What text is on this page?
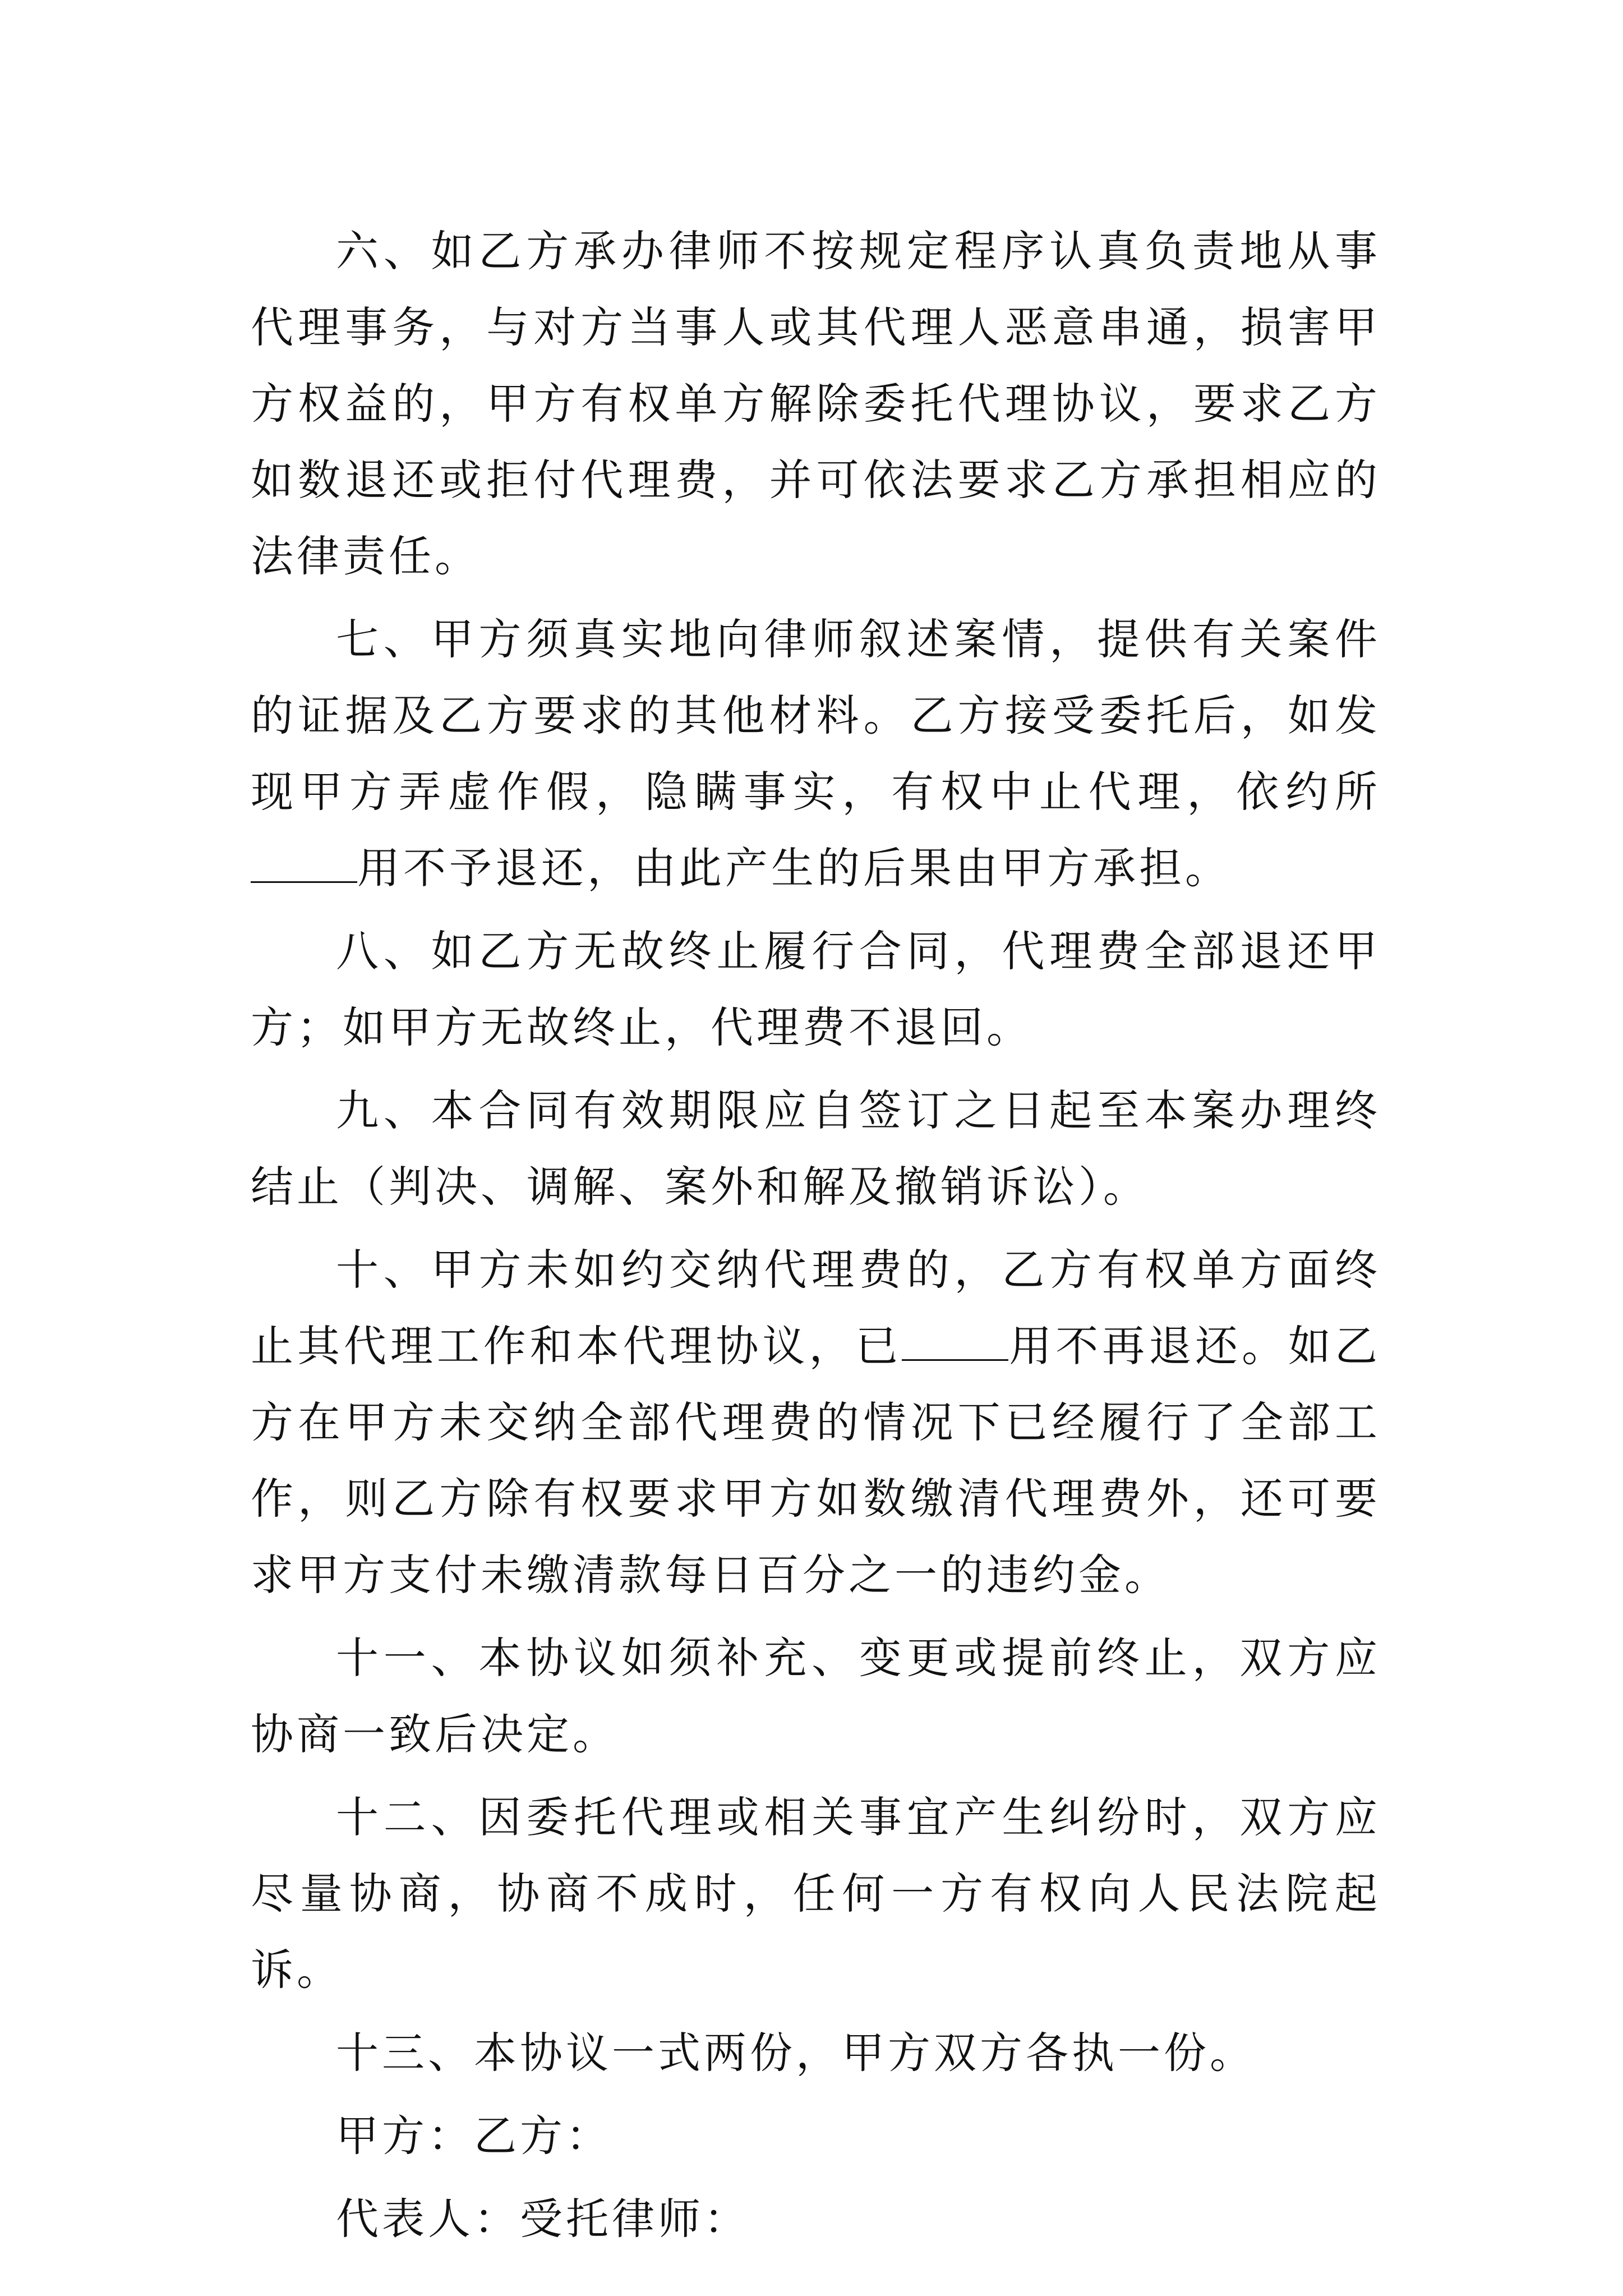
六、如乙方承办律师不按规定程序认真负责地从事代理事务，与对方当事人或其代理人恶意串通，损害甲方权益的，甲方有权单方解除委托代理协议，要求乙方如数退还或拒付代理费，并可依法要求乙方承担相应的法律责任。

七、甲方须真实地向律师叙述案情，提供有关案件的证据及乙方要求的其他材料。乙方接受委托后，如发现甲方弄虚作假，隐瞒事实，有权中止代理，依约所用不予退还，由此产生的后果由甲方承担。

八、如乙方无故终止履行合同，代理费全部退还甲方；如甲方无故终止，代理费不退回。

九、本合同有效期限应自签订之日起至本案办理终结止（判决、调解、案外和解及撤销诉讼）。

十、甲方未如约交纳代理费的，乙方有权单方面终止其代理工作和本代理协议，已	用不再退还。如乙方在甲方未交纳全部代理费的情况下已经履行了全部工作，则乙方除有权要求甲方如数缴清代理费外，还可要求甲方支付未缴清款每日百分之一的违约金。

十一、本协议如须补充、变更或提前终止，双方应协商一致后决定。

十二、因委托代理或相关事宜产生纠纷时，双方应尽量协商，协商不成时，任何一方有权向人民法院起诉。

十三、本协议一式两份，甲方双方各执一份。

甲方：乙方：

代表人：受托律师：
